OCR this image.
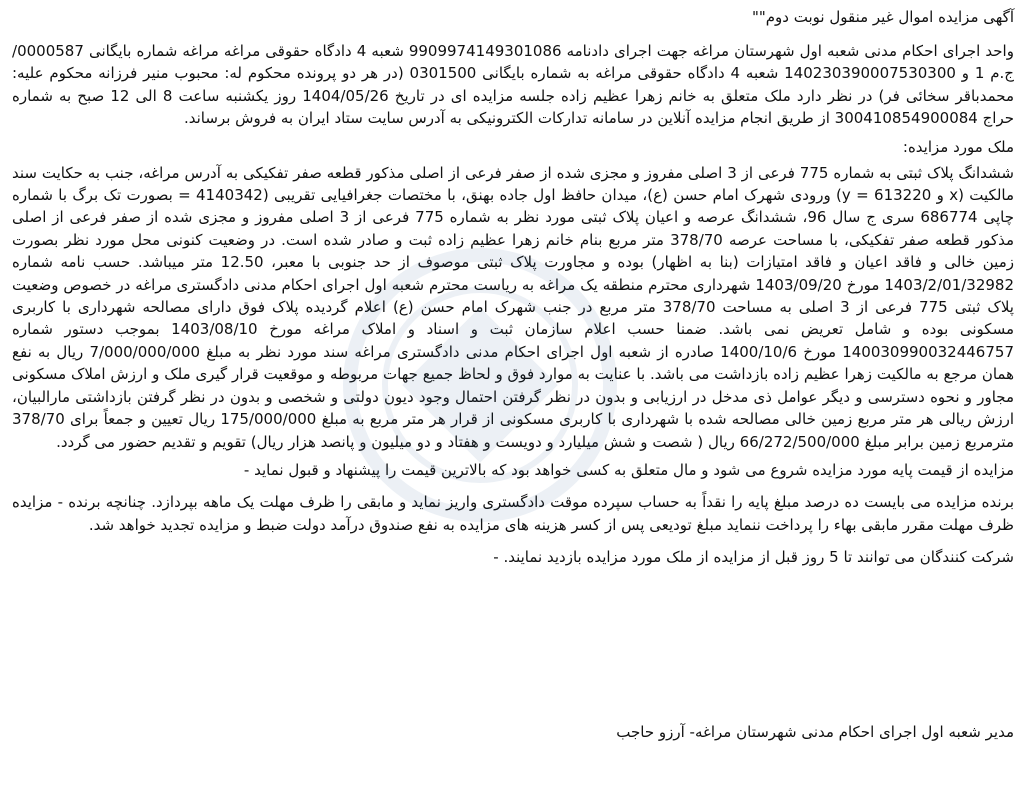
آگهی مزایده اموال غیر منقول نوبت دوم""

واحد اجرای احکام مدنی شعبه اول شهرستان مراغه جهت اجرای دادنامه 9909974149301086 شعبه 4 دادگاه حقوقی مراغه مراغه شماره بایگانی 0000587/ج.م 1 و 140230390007530300 شعبه 4 دادگاه حقوقی مراغه به شماره بایگانی 0301500 (در هر دو پرونده محکوم له: محبوب منیر فرزانه محکوم علیه: محمدباقر سخائی فر) در نظر دارد ملک متعلق به خانم زهرا عظیم زاده جلسه مزایده ای در تاریخ 1404/05/26 روز یکشنبه ساعت 8 الی 12 صبح به شماره حراج 300410854900084 از طریق انجام مزایده آنلاین در سامانه تدارکات الکترونیکی به آدرس سایت ستاد ایران به فروش برساند.

ملک مورد مزایده:

ششدانگ پلاک ثبتی به شماره 775 فرعی از 3 اصلی مفروز و مجزی شده از صفر فرعی از اصلی مذکور قطعه صفر تفکیکی به آدرس مراغه، جنب به حکایت سند مالکیت (x و 613220 = y) ورودی شهرک امام حسن (ع)، میدان حافظ اول جاده بهنق، با مختصات جغرافیایی تقریبی (4140342 = بصورت تک برگ با شماره چاپی 686774 سری ج سال 96، ششدانگ عرصه و اعیان پلاک ثبتی مورد نظر به شماره 775 فرعی از 3 اصلی مفروز و مجزی شده از صفر فرعی از اصلی مذکور قطعه صفر تفکیکی، با مساحت عرصه 378/70 متر مربع بنام خانم زهرا عظیم زاده ثبت و صادر شده است. در وضعیت کنونی محل مورد نظر بصورت زمین خالی و فاقد اعیان و فاقد امتیازات (بنا به اظهار) بوده و مجاورت پلاک ثبتی موصوف از حد جنوبی با معبر، 12.50 متر میباشد. حسب نامه شماره 1403/2/01/32982 مورخ 1403/09/20 شهرداری محترم منطقه یک مراغه به ریاست محترم شعبه اول اجرای احکام مدنی دادگستری مراغه در خصوص وضعیت پلاک ثبتی 775 فرعی از 3 اصلی به مساحت 378/70 متر مربع در جنب شهرک امام حسن (ع) اعلام گردیده پلاک فوق دارای مصالحه شهرداری با کاربری مسکونی بوده و شامل تعریض نمی باشد. ضمنا حسب اعلام سازمان ثبت و اسناد و املاک مراغه مورخ 1403/08/10 بموجب دستور شماره 140030990032446757 مورخ 1400/10/6 صادره از شعبه اول اجرای احکام مدنی دادگستری مراغه سند مورد نظر به مبلغ 7/000/000/000 ریال به نفع همان مرجع به مالکیت زهرا عظیم زاده بازداشت می باشد. با عنایت به موارد فوق و لحاظ جمیع جهات مربوطه و موقعیت قرار گیری ملک و ارزش املاک مسکونی مجاور و نحوه دسترسی و دیگر عوامل ذی مدخل در ارزیابی و بدون در نظر گرفتن احتمال وجود دیون دولتی و شخصی و بدون در نظر گرفتن بازداشتی مارالبیان، ارزش ریالی هر متر مربع زمین خالی مصالحه شده با شهرداری با کاربری مسکونی از قرار هر متر مربع به مبلغ 175/000/000 ریال تعیین و جمعاً برای 378/70 مترمربع زمین برابر مبلغ 66/272/500/000 ریال ( شصت و شش میلیارد و دویست و هفتاد و دو میلیون و پانصد هزار ریال) تقویم و تقدیم حضور می گردد.

مزایده از قیمت پایه مورد مزایده شروع می شود و مال متعلق به کسی خواهد بود که بالاترین قیمت را پیشنهاد و قبول نماید -

برنده مزایده می بایست ده درصد مبلغ پایه را نقداً به حساب سپرده موقت دادگستری واریز نماید و مابقی را ظرف مهلت یک ماهه بپردازد. چنانچه برنده - مزایده ظرف مهلت مقرر مابقی بهاء را پرداخت ننماید مبلغ تودیعی پس از کسر هزینه های مزایده به نفع صندوق درآمد دولت ضبط و مزایده تجدید خواهد شد.

شرکت کنندگان می توانند تا 5 روز قبل از مزایده از ملک مورد مزایده بازدید نمایند. -

مدیر شعبه اول اجرای احکام مدنی شهرستان مراغه- آرزو حاجب
